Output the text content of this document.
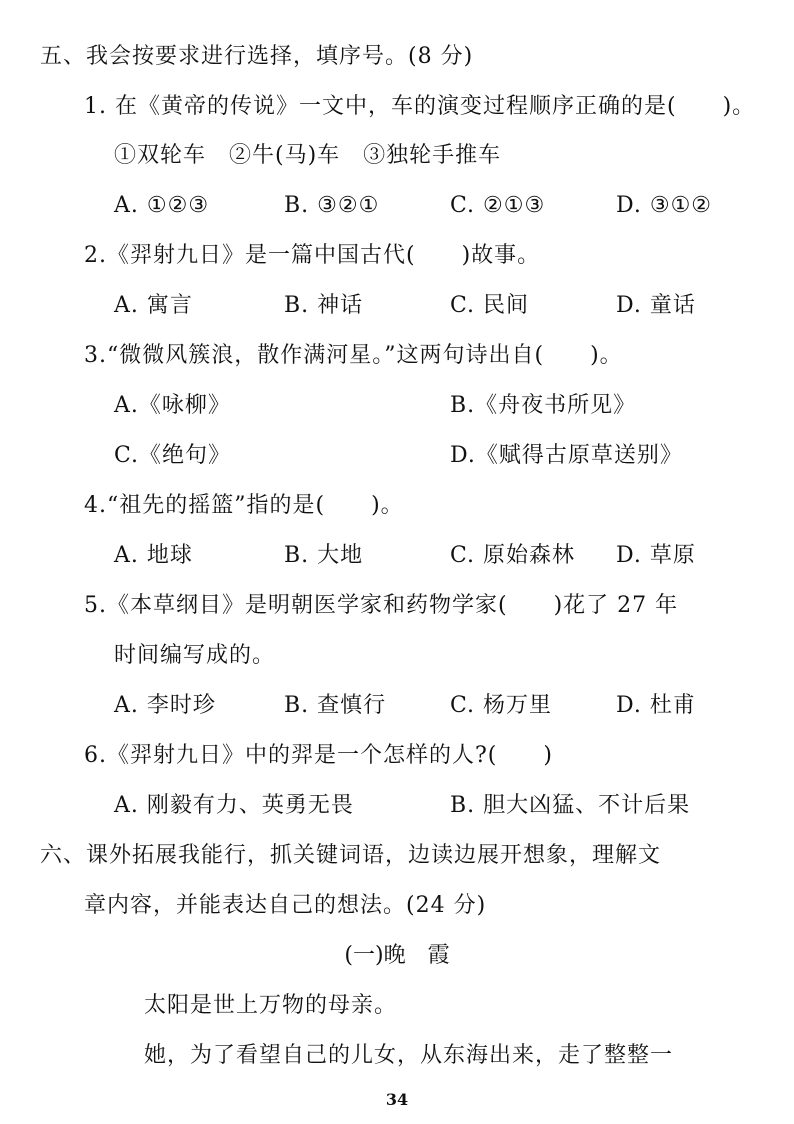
五、我会按要求进行选择，填序号。(8 分)
1. 在《黄帝的传说》一文中，车的演变过程顺序正确的是(　　)。
①双轮车　②牛(马)车　③独轮手推车
A. ①②③	B. ③②①	C. ②①③	D. ③①②
2.《羿射九日》是一篇中国古代(　　)故事。
A. 寓言	B. 神话	C. 民间	D. 童话
3.“微微风簇浪，散作满河星。”这两句诗出自(　　)。
A.《咏柳》	B.《舟夜书所见》
C.《绝句》	D.《赋得古原草送别》
4.“祖先的摇篮”指的是(　　)。
A. 地球	B. 大地	C. 原始森林 D. 草原
5.《本草纲目》是明朝医学家和药物学家(　　)花了 27 年
时间编写成的。
A. 李时珍	B. 查慎行	C. 杨万里	D. 杜甫
6.《羿射九日》中的羿是一个怎样的人?(　　)
A. 刚毅有力、英勇无畏	B. 胆大凶猛、不计后果
六、课外拓展我能行，抓关键词语，边读边展开想象，理解文
章内容，并能表达自己的想法。(24 分)
(一)晚　霞
太阳是世上万物的母亲。
她，为了看望自己的儿女，从东海出来，走了整整一
34
